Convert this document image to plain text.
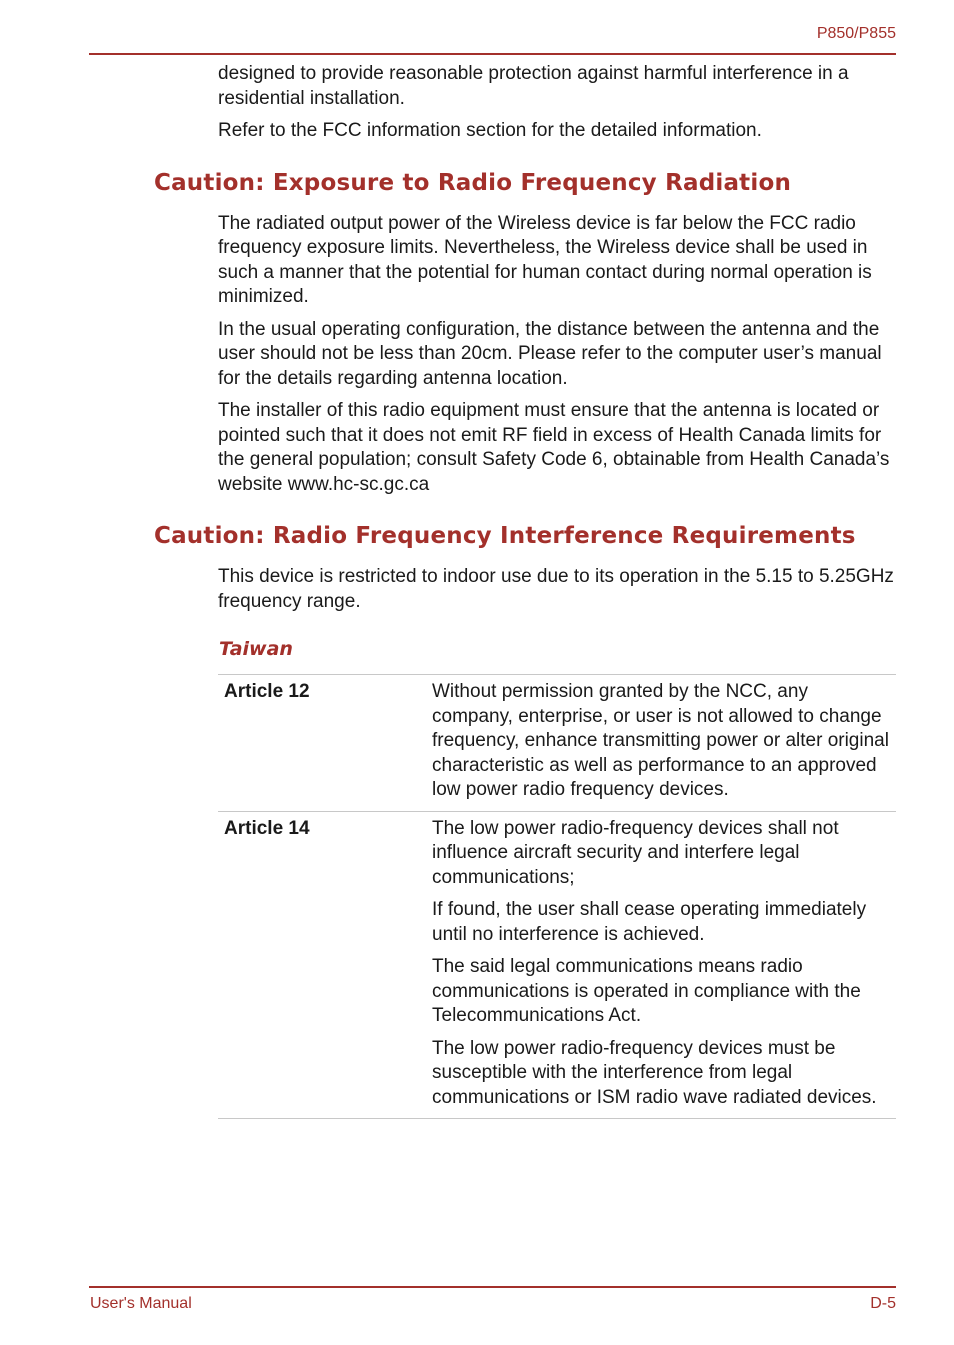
P850/P855

designed to provide reasonable protection against harmful interference in a residential installation.

Refer to the FCC information section for the detailed information.

Caution: Exposure to Radio Frequency Radiation

The radiated output power of the Wireless device is far below the FCC radio frequency exposure limits. Nevertheless, the Wireless device shall be used in such a manner that the potential for human contact during normal operation is minimized.

In the usual operating configuration, the distance between the antenna and the user should not be less than 20cm. Please refer to the computer user’s manual for the details regarding antenna location.

The installer of this radio equipment must ensure that the antenna is located or pointed such that it does not emit RF field in excess of Health Canada limits for the general population; consult Safety Code 6, obtainable from Health Canada’s website www.hc-sc.gc.ca

Caution: Radio Frequency Interference Requirements

This device is restricted to indoor use due to its operation in the 5.15 to 5.25GHz frequency range.

Taiwan
Article 12	Without permission granted by the NCC, any company, enterprise, or user is not allowed to change frequency, enhance transmitting power or alter original characteristic as well as performance to an approved low power radio frequency devices.

Article 14	The low power radio-frequency devices shall not influence aircraft security and interfere legal communications;

If found, the user shall cease operating immediately until no interference is achieved.

The said legal communications means radio communications is operated in compliance with the Telecommunications Act.

The low power radio-frequency devices must be susceptible with the interference from legal communications or ISM radio wave radiated devices.

User's Manual	D-5
